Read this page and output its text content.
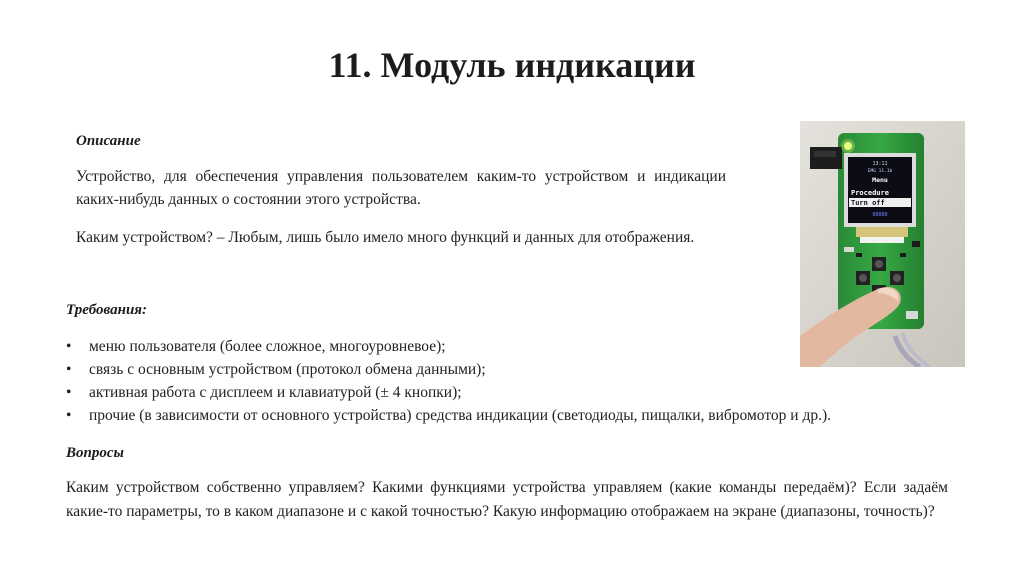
11. Модуль индикации

Описание

Устройство, для обеспечения управления пользователем каким-то устройством и индикации каких-нибудь данных о состоянии этого устройства.

Каким устройством? – Любым, лишь было имело много функций и данных для отображения.

Требования:

• меню пользователя (более сложное, многоуровневое);
• связь с основным устройством (протокол обмена данными);
• активная работа с дисплеем и клавиатурой (± 4 кнопки);
• прочие (в зависимости от основного устройства) средства индикации (светодиоды, пищалки, вибромотор и др.).

Вопросы

Каким устройством собственно управляем? Какими функциями устройства управляем (какие команды передаём)? Если задаём какие-то параметры, то в каком диапазоне и с какой точностью? Какую информацию отображаем на экране (диапазоны, точность)?

13:11
EMG 11.1b
Menu
Procedure
Turn off
88888
